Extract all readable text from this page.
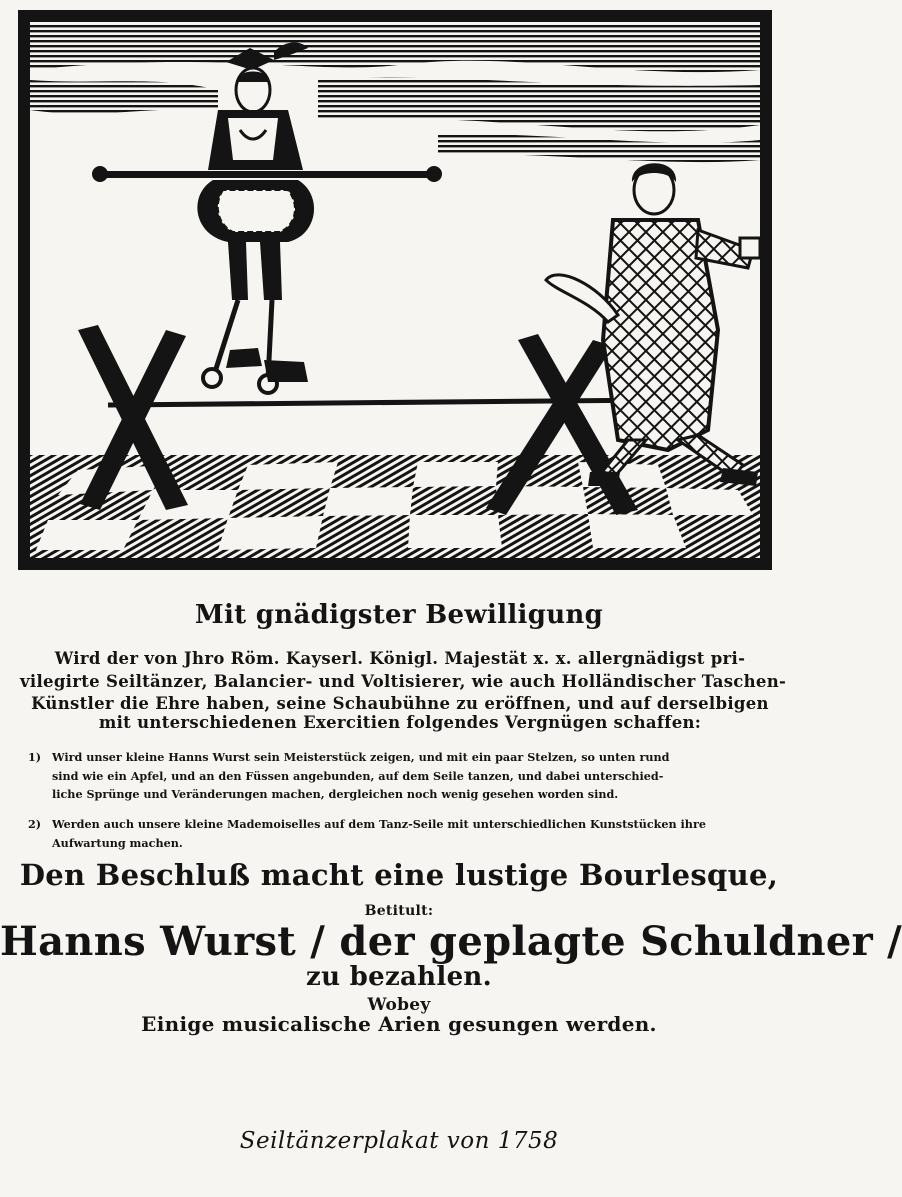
Mit gnädigster Bewilligung
Wird der von Jhro Röm. Kayserl. Königl. Majestät x. x. allergnädigst pri-
vilegirte Seiltänzer, Balancier- und Voltisierer, wie auch Holländischer Taschen-
Künstler die Ehre haben, seine Schaubühne zu eröffnen, und auf derselbigen
mit unterschiedenen Exercitien folgendes Vergnügen schaffen:
1) Wird unser kleine Hanns Wurst sein Meisterstück zeigen, und mit ein paar Stelzen, so unten rund
sind wie ein Apfel, und an den Füssen angebunden, auf dem Seile tanzen, und dabei unterschied-
liche Sprünge und Veränderungen machen, dergleichen noch wenig gesehen worden sind.
2) Werden auch unsere kleine Mademoiselles auf dem Tanz-Seile mit unterschiedlichen Kunststücken ihre
Aufwartung machen.
Den Beschluß macht eine lustige Bourlesque,
Betitult:
Hanns Wurst / der geplagte Schuldner /
zu bezahlen.
Wobey
Einige musicalische Arien gesungen werden.
Seiltänzerplakat von 1758
